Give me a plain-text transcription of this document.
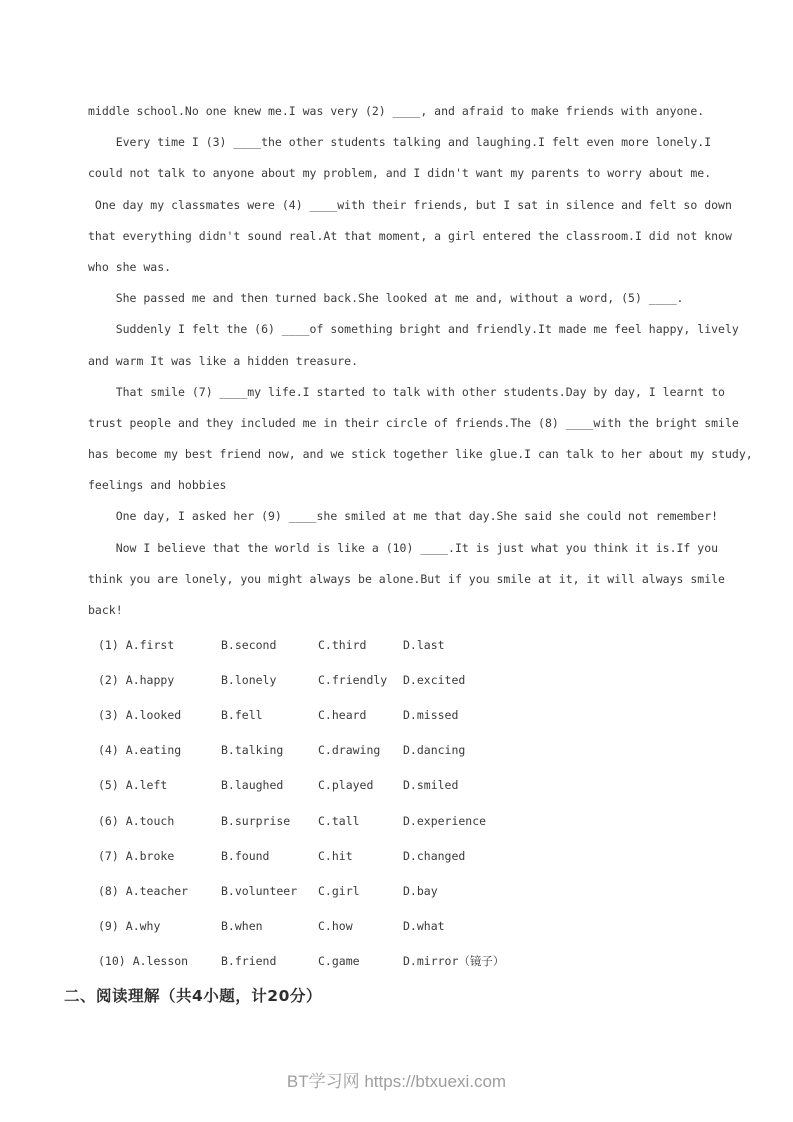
middle school.No one knew me.I was very (2) ____, and afraid to make friends with anyone.
Every time I (3) ____the other students talking and laughing.I felt even more lonely.I
could not talk to anyone about my problem, and I didn't want my parents to worry about me.
One day my classmates were (4) ____with their friends, but I sat in silence and felt so down
that everything didn't sound real.At that moment, a girl entered the classroom.I did not know
who she was.
She passed me and then turned back.She looked at me and, without a word, (5) ____.
Suddenly I felt the (6) ____of something bright and friendly.It made me feel happy, lively
and warm It was like a hidden treasure.
That smile (7) ____my life.I started to talk with other students.Day by day, I learnt to
trust people and they included me in their circle of friends.The (8) ____with the bright smile
has become my best friend now, and we stick together like glue.I can talk to her about my study,
feelings and hobbies
One day, I asked her (9) ____she smiled at me that day.She said she could not remember!
Now I believe that the world is like a (10) ____.It is just what you think it is.If you
think you are lonely, you might always be alone.But if you smile at it, it will always smile
back!
(1) A.first	B.second	C.third	D.last
(2) A.happy	B.lonely	C.friendly	D.excited
(3) A.looked	B.fell	C.heard	D.missed
(4) A.eating	B.talking	C.drawing	D.dancing
(5) A.left	B.laughed	C.played	D.smiled
(6) A.touch	B.surprise	C.tall	D.experience
(7) A.broke	B.found	C.hit	D.changed
(8) A.teacher	B.volunteer	C.girl	D.bay
(9) A.why	B.when	C.how	D.what
(10) A.lesson	B.friend	C.game	D.mirror（镜子）
二、阅读理解（共4小题，计20分）
BT学习网 https://btxuexi.com
